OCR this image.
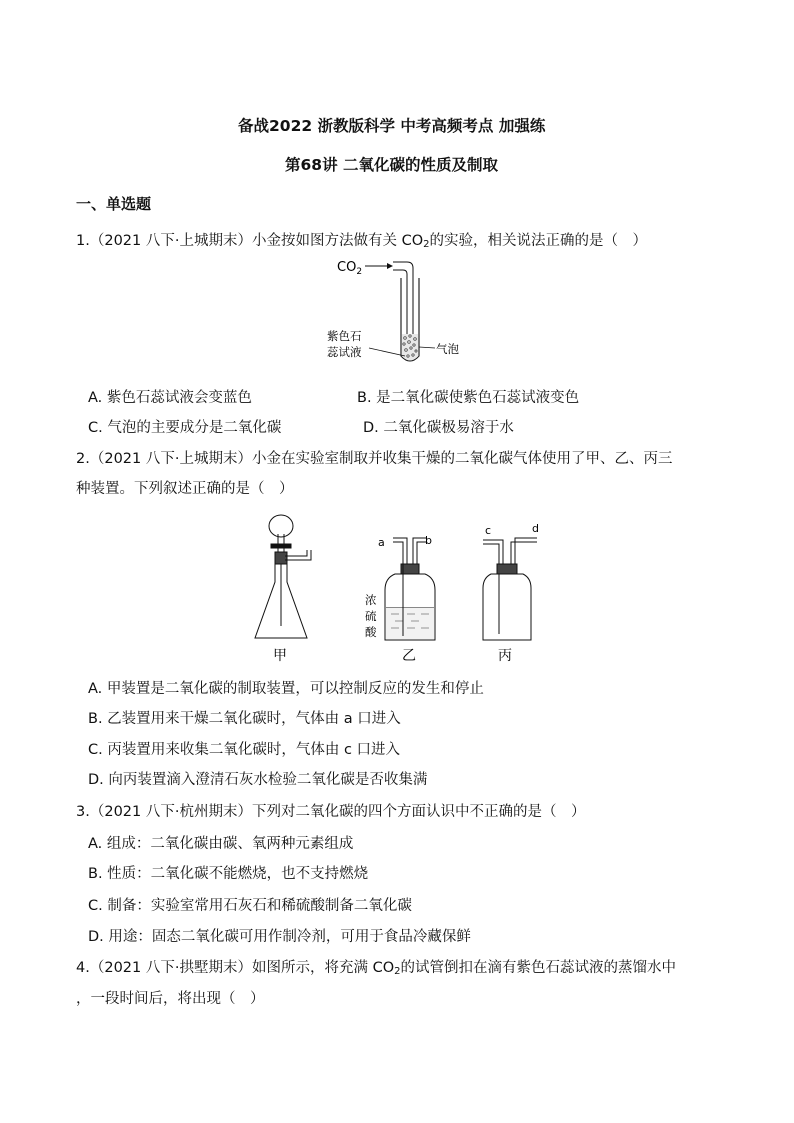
备战2022 浙教版科学 中考高频考点 加强练
第68讲 二氧化碳的性质及制取
一、单选题
1.（2021 八下·上城期末）小金按如图方法做有关 $CO_2$的实验，相关说法正确的是（　）
$CO_2$
紫色石
蕊试液	气泡
A. 紫色石蕊试液会变蓝色	B. 是二氧化碳使紫色石蕊试液变色
C. 气泡的主要成分是二氧化碳	D. 二氧化碳极易溶于水
2.（2021 八下·上城期末）小金在实验室制取并收集干燥的二氧化碳气体使用了甲、乙、丙三
种装置。下列叙述正确的是（　）
a	b
浓
硫
酸
c	d
甲	乙	丙
A. 甲装置是二氧化碳的制取装置，可以控制反应的发生和停止
B. 乙装置用来干燥二氧化碳时，气体由 a 口进入
C. 丙装置用来收集二氧化碳时，气体由 c 口进入
D. 向丙装置滴入澄清石灰水检验二氧化碳是否收集满
3.（2021 八下·杭州期末）下列对二氧化碳的四个方面认识中不正确的是（　）
A. 组成：二氧化碳由碳、氧两种元素组成
B. 性质：二氧化碳不能燃烧，也不支持燃烧
C. 制备：实验室常用石灰石和稀硫酸制备二氧化碳
D. 用途：固态二氧化碳可用作制冷剂，可用于食品冷藏保鲜
4.（2021 八下·拱墅期末）如图所示，将充满 $CO_2$的试管倒扣在滴有紫色石蕊试液的蒸馏水中
，一段时间后，将出现（　）
